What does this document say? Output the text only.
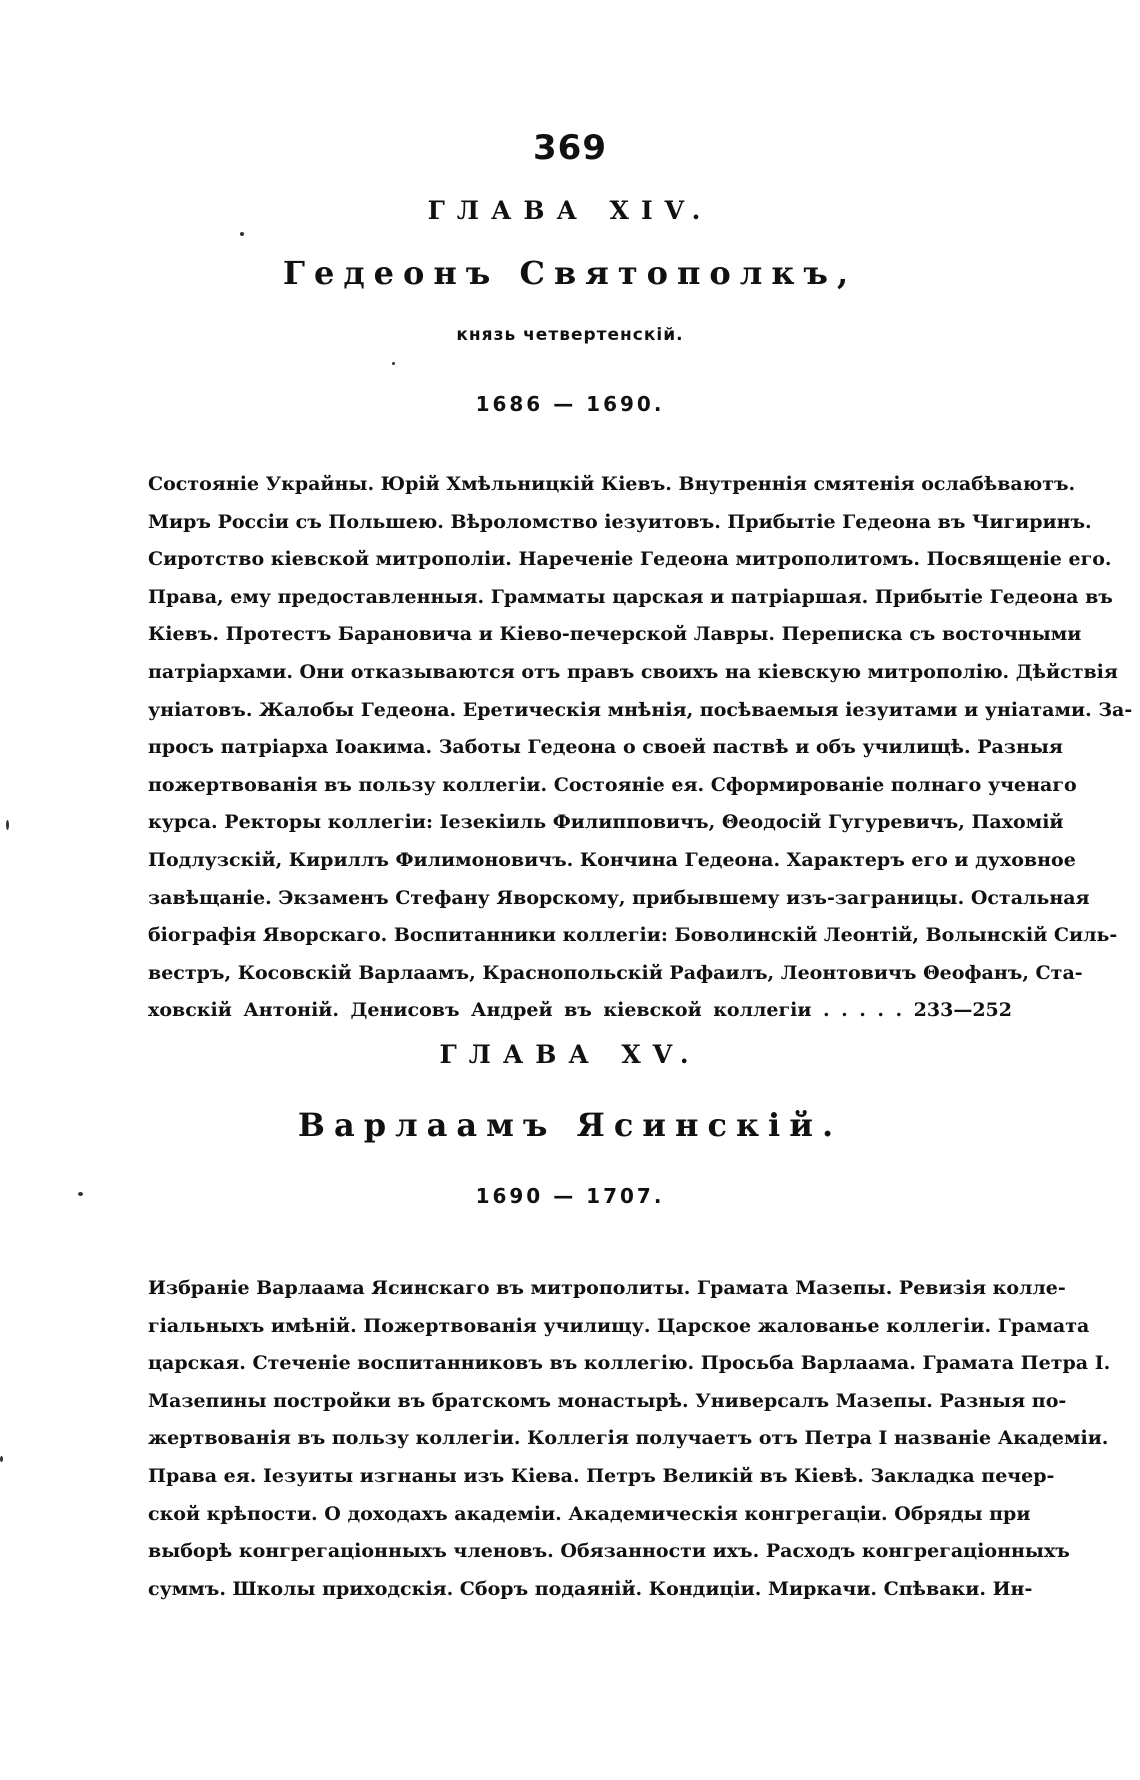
369
ГЛАВА XIV.
Гедеонъ Святополкъ,
князь четвертенскій.
1686 — 1690.
Состояніе Украйны. Юрій Хмѣльницкій Кіевъ. Внутреннія смятенія ослабѣваютъ.
Миръ Россіи съ Польшею. Вѣроломство іезуитовъ. Прибытіе Гедеона въ Чигиринъ.
Сиротство кіевской митрополіи. Нареченіе Гедеона митрополитомъ. Посвященіе его.
Права, ему предоставленныя. Грамматы царская и патріаршая. Прибытіе Гедеона въ
Кіевъ. Протестъ Барановича и Кіево-печерской Лавры. Переписка съ восточными
патріархами. Они отказываются отъ правъ своихъ на кіевскую митрополію. Дѣйствія
уніатовъ. Жалобы Гедеона. Еретическія мнѣнія, посѣваемыя іезуитами и уніатами. За-
просъ патріарха Іоакима. Заботы Гедеона о своей паствѣ и объ училищѣ. Разныя
пожертвованія въ пользу коллегіи. Состояніе ея. Сформированіе полнаго ученаго
курса. Ректоры коллегіи: Іезекіиль Филипповичъ, Θеодосій Гугуревичъ, Пахомій
Подлузскій, Кириллъ Филимоновичъ. Кончина Гедеона. Характеръ его и духовное
завѣщаніе. Экзаменъ Стефану Яворскому, прибывшему изъ-заграницы. Остальная
біографія Яворскаго. Воспитанники коллегіи: Боволинскій Леонтій, Волынскій Силь-
вестръ, Косовскій Варлаамъ, Краснопольскій Рафаилъ, Леонтовичъ Θеофанъ, Ста-
ховскій Антоній. Денисовъ Андрей въ кіевской коллегіи . . . . . 233—252
ГЛАВА XV.
Варлаамъ Ясинскій.
1690 — 1707.
Избраніе Варлаама Ясинскаго въ митрополиты. Грамата Мазепы. Ревизія колле-
гіальныхъ имѣній. Пожертвованія училищу. Царское жалованье коллегіи. Грамата
царская. Стеченіе воспитанниковъ въ коллегію. Просьба Варлаама. Грамата Петра I.
Мазепины постройки въ братскомъ монастырѣ. Универсалъ Мазепы. Разныя по-
жертвованія въ пользу коллегіи. Коллегія получаетъ отъ Петра I названіе Академіи.
Права ея. Іезуиты изгнаны изъ Кіева. Петръ Великій въ Кіевѣ. Закладка печер-
ской крѣпости. О доходахъ академіи. Академическія конгрегаціи. Обряды при
выборѣ конгрегаціонныхъ членовъ. Обязанности ихъ. Расходъ конгрегаціонныхъ
суммъ. Школы приходскія. Сборъ подаяній. Кондиціи. Миркачи. Спѣваки. Ин-
